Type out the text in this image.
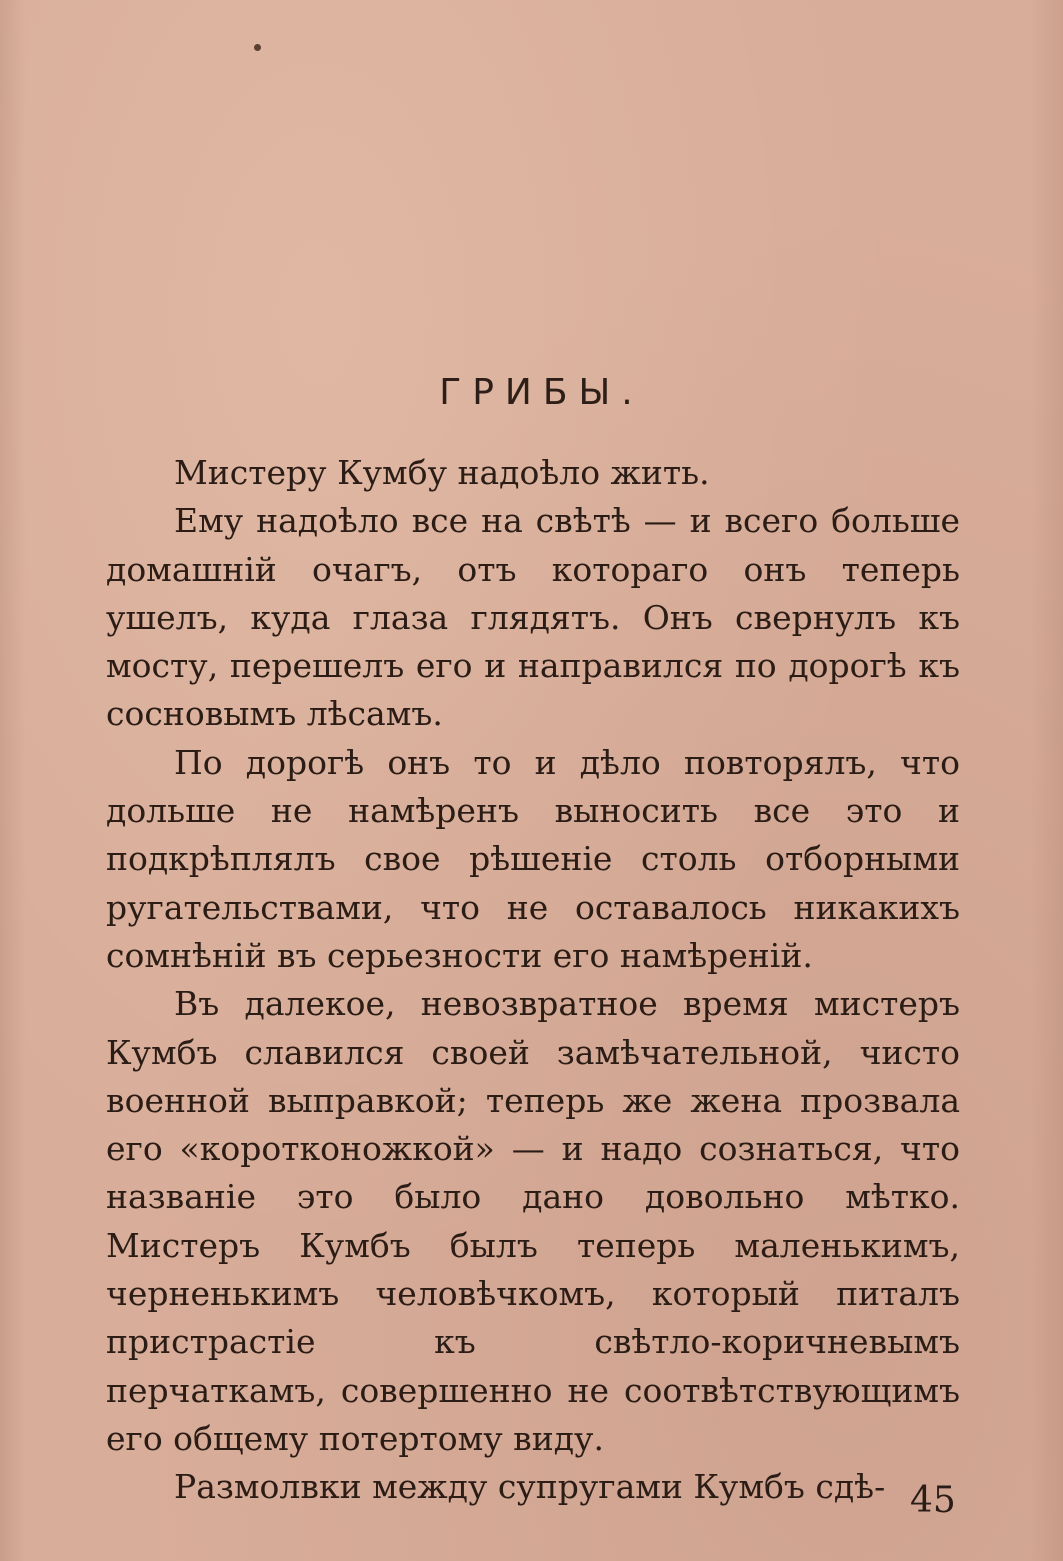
ГРИБЫ.

Мистеру Кумбу надоѣло жить.

Ему надоѣло все на свѣтѣ — и всего больше домашній очагъ, отъ котораго онъ теперь ушелъ, куда глаза глядятъ. Онъ свернулъ къ мосту, перешелъ его и направился по дорогѣ къ сосновымъ лѣсамъ.

По дорогѣ онъ то и дѣло повторялъ, что дольше не намѣренъ выносить все это и подкрѣплялъ свое рѣшеніе столь отборными ругательствами, что не оставалось никакихъ сомнѣній въ серьезности его намѣреній.

Въ далекое, невозвратное время мистеръ Кумбъ славился своей замѣчательной, чисто военной выправкой; теперь же жена прозвала его «коротконожкой» — и надо сознаться, что названіе это было дано довольно мѣтко. Мистеръ Кумбъ былъ теперь маленькимъ, черненькимъ человѣчкомъ, который питалъ пристрастіе къ свѣтло-коричневымъ перчаткамъ, совершенно не соотвѣтствующимъ его общему потертому виду.

Размолвки между супругами Кумбъ сдѣ- 45
